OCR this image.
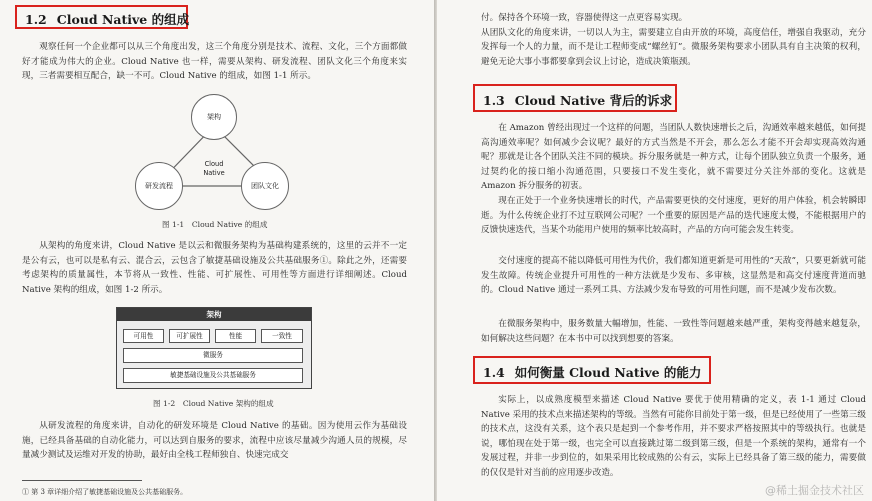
1.2 Cloud Native 的组成

观察任何一个企业都可以从三个角度出发，这三个角度分别是技术、流程、文化，三个方面都做好才能成为伟大的企业。Cloud Native 也一样，需要从架构、研发流程、团队文化三个角度来实现，三者需要相互配合，缺一不可。Cloud Native 的组成，如图 1-1 所示。

架构
研发流程	团队文化
Cloud
Native
图 1-1　Cloud Native 的组成

从架构的角度来讲，Cloud Native 是以云和微服务架构为基础构建系统的，这里的云并不一定是公有云，也可以是私有云、混合云，云包含了敏捷基础设施及公共基础服务①。除此之外，还需要考虑架构的质量属性，本节将从一致性、性能、可扩展性、可用性等方面进行详细阐述。Cloud Native 架构的组成，如图 1-2 所示。

架构
可用性	可扩展性	性能	一致性
微服务
敏捷基础设施及公共基础服务
图 1-2　Cloud Native 架构的组成

从研发流程的角度来讲，自动化的研发环境是 Cloud Native 的基础。因为使用云作为基础设施，已经具备基础的自动化能力，可以达到自服务的要求，流程中应该尽量减少沟通人员的规模，尽量减少测试及运维对开发的协助，最好由全栈工程师独自、快速完成交

① 第 3 章详细介绍了敏捷基础设施及公共基础服务。

付。保持各个环境一致，容器使得这一点更容易实现。
从团队文化的角度来讲，一切以人为主，需要建立自由开放的环境，高度信任，增强自我驱动，充分发挥每一个人的力量，而不是让工程师变成“螺丝钉”。微服务架构要求小团队具有自主决策的权利，避免无论大事小事都要拿到会议上讨论，造成决策瓶颈。

1.3 Cloud Native 背后的诉求

在 Amazon 曾经出现过一个这样的问题，当团队人数快速增长之后，沟通效率越来越低，如何提高沟通效率呢？如何减少会议呢？最好的方式当然是不开会，那么怎么才能不开会却实现高效沟通呢？那就是让各个团队关注不同的模块。拆分服务就是一种方式，让每个团队独立负责一个服务，通过契约化的接口缩小沟通范围，只要接口不发生变化，就不需要过分关注外部的变化。这就是 Amazon 拆分服务的初衷。

现在正处于一个业务快速增长的时代，产品需要更快的交付速度，更好的用户体验，机会转瞬即逝。为什么传统企业打不过互联网公司呢？一个重要的原因是产品的迭代速度太慢，不能根据用户的反馈快速迭代，当某个功能用户使用的频率比较高时，产品的方向可能会发生转变。

交付速度的提高不能以降低可用性为代价，我们都知道更新是可用性的“天敌”，只要更新就可能发生故障。传统企业提升可用性的一种方法就是少发布、多审核，这显然是和高交付速度背道而驰的。Cloud Native 通过一系列工具、方法减少发布导致的可用性问题，而不是减少发布次数。

在微服务架构中，服务数量大幅增加，性能、一致性等问题越来越严重，架构变得越来越复杂，如何解决这些问题？在本书中可以找到想要的答案。

1.4 如何衡量 Cloud Native 的能力

实际上，以成熟度模型来描述 Cloud Native 要优于使用精确的定义，表 1-1 通过 Cloud Native 采用的技术点来描述架构的等级。当然有可能你目前处于第一级，但是已经使用了一些第三级的技术点，这没有关系，这个表只是起到一个参考作用，并不要求严格按照其中的等级执行。也就是说，哪怕现在处于第一级，也完全可以直接跳过第二级到第三级，但是一个系统的架构，通常有一个发展过程，并非一步到位的，如果采用比较成熟的公有云，实际上已经具备了第三级的能力，需要做的仅仅是针对当前的应用逐步改造。

@稀土掘金技术社区
